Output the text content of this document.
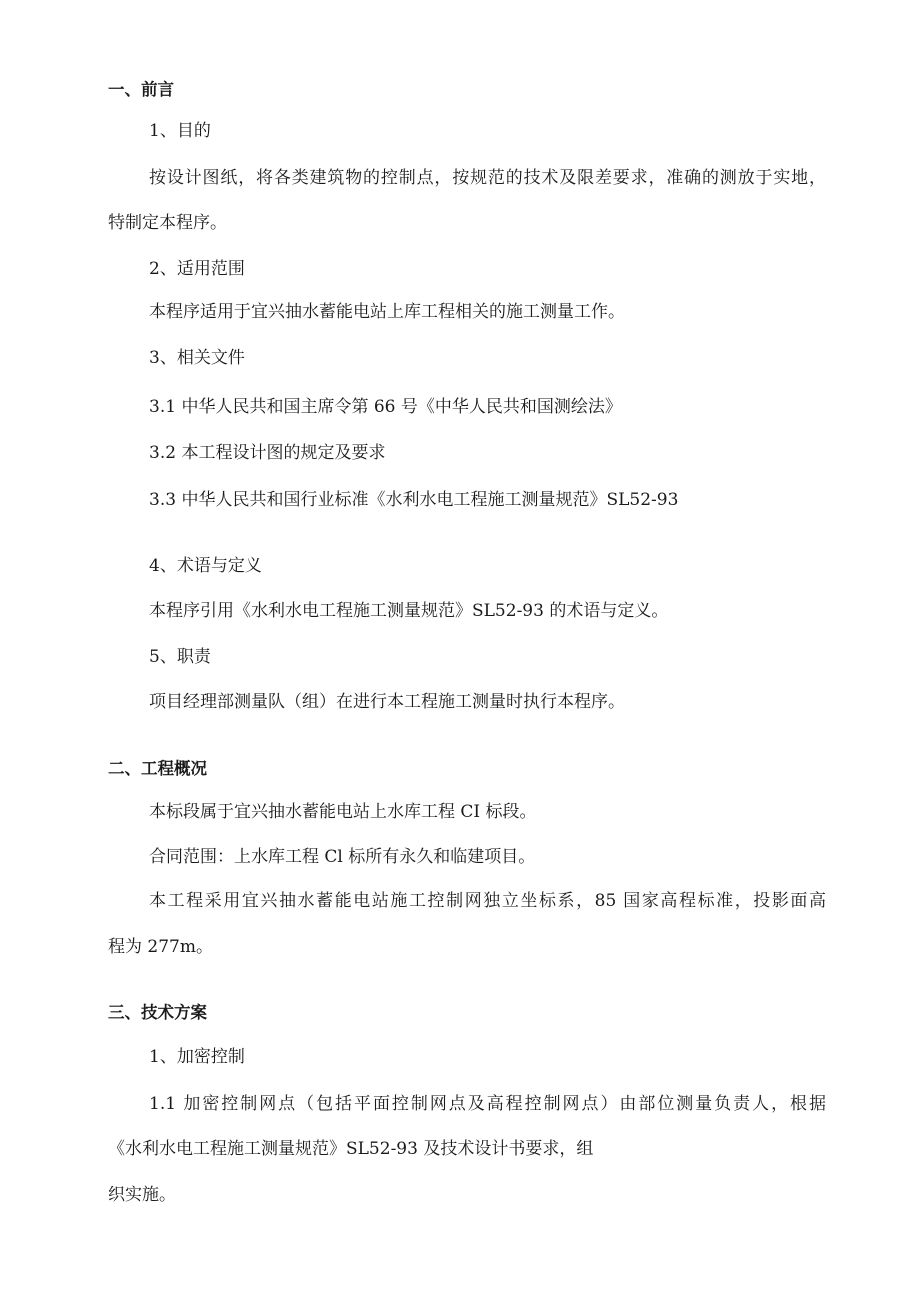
一、前言
1、目的
按设计图纸，将各类建筑物的控制点，按规范的技术及限差要求，准确的测放于实地，
特制定本程序。
2、适用范围
本程序适用于宜兴抽水蓄能电站上库工程相关的施工测量工作。
3、相关文件
3.1 中华人民共和国主席令第 66 号《中华人民共和国测绘法》
3.2 本工程设计图的规定及要求
3.3 中华人民共和国行业标准《水利水电工程施工测量规范》SL52-93
4、术语与定义
本程序引用《水利水电工程施工测量规范》SL52-93 的术语与定义。
5、职责
项目经理部测量队（组）在进行本工程施工测量时执行本程序。
二、工程概况
本标段属于宜兴抽水蓄能电站上水库工程 CI 标段。
合同范围：上水库工程 Cl 标所有永久和临建项目。
本工程采用宜兴抽水蓄能电站施工控制网独立坐标系，85 国家高程标准，投影面高
程为 277m。
三、技术方案
1、加密控制
1.1 加密控制网点（包括平面控制网点及高程控制网点）由部位测量负责人，根据
《水利水电工程施工测量规范》SL52-93 及技术设计书要求，组
织实施。
